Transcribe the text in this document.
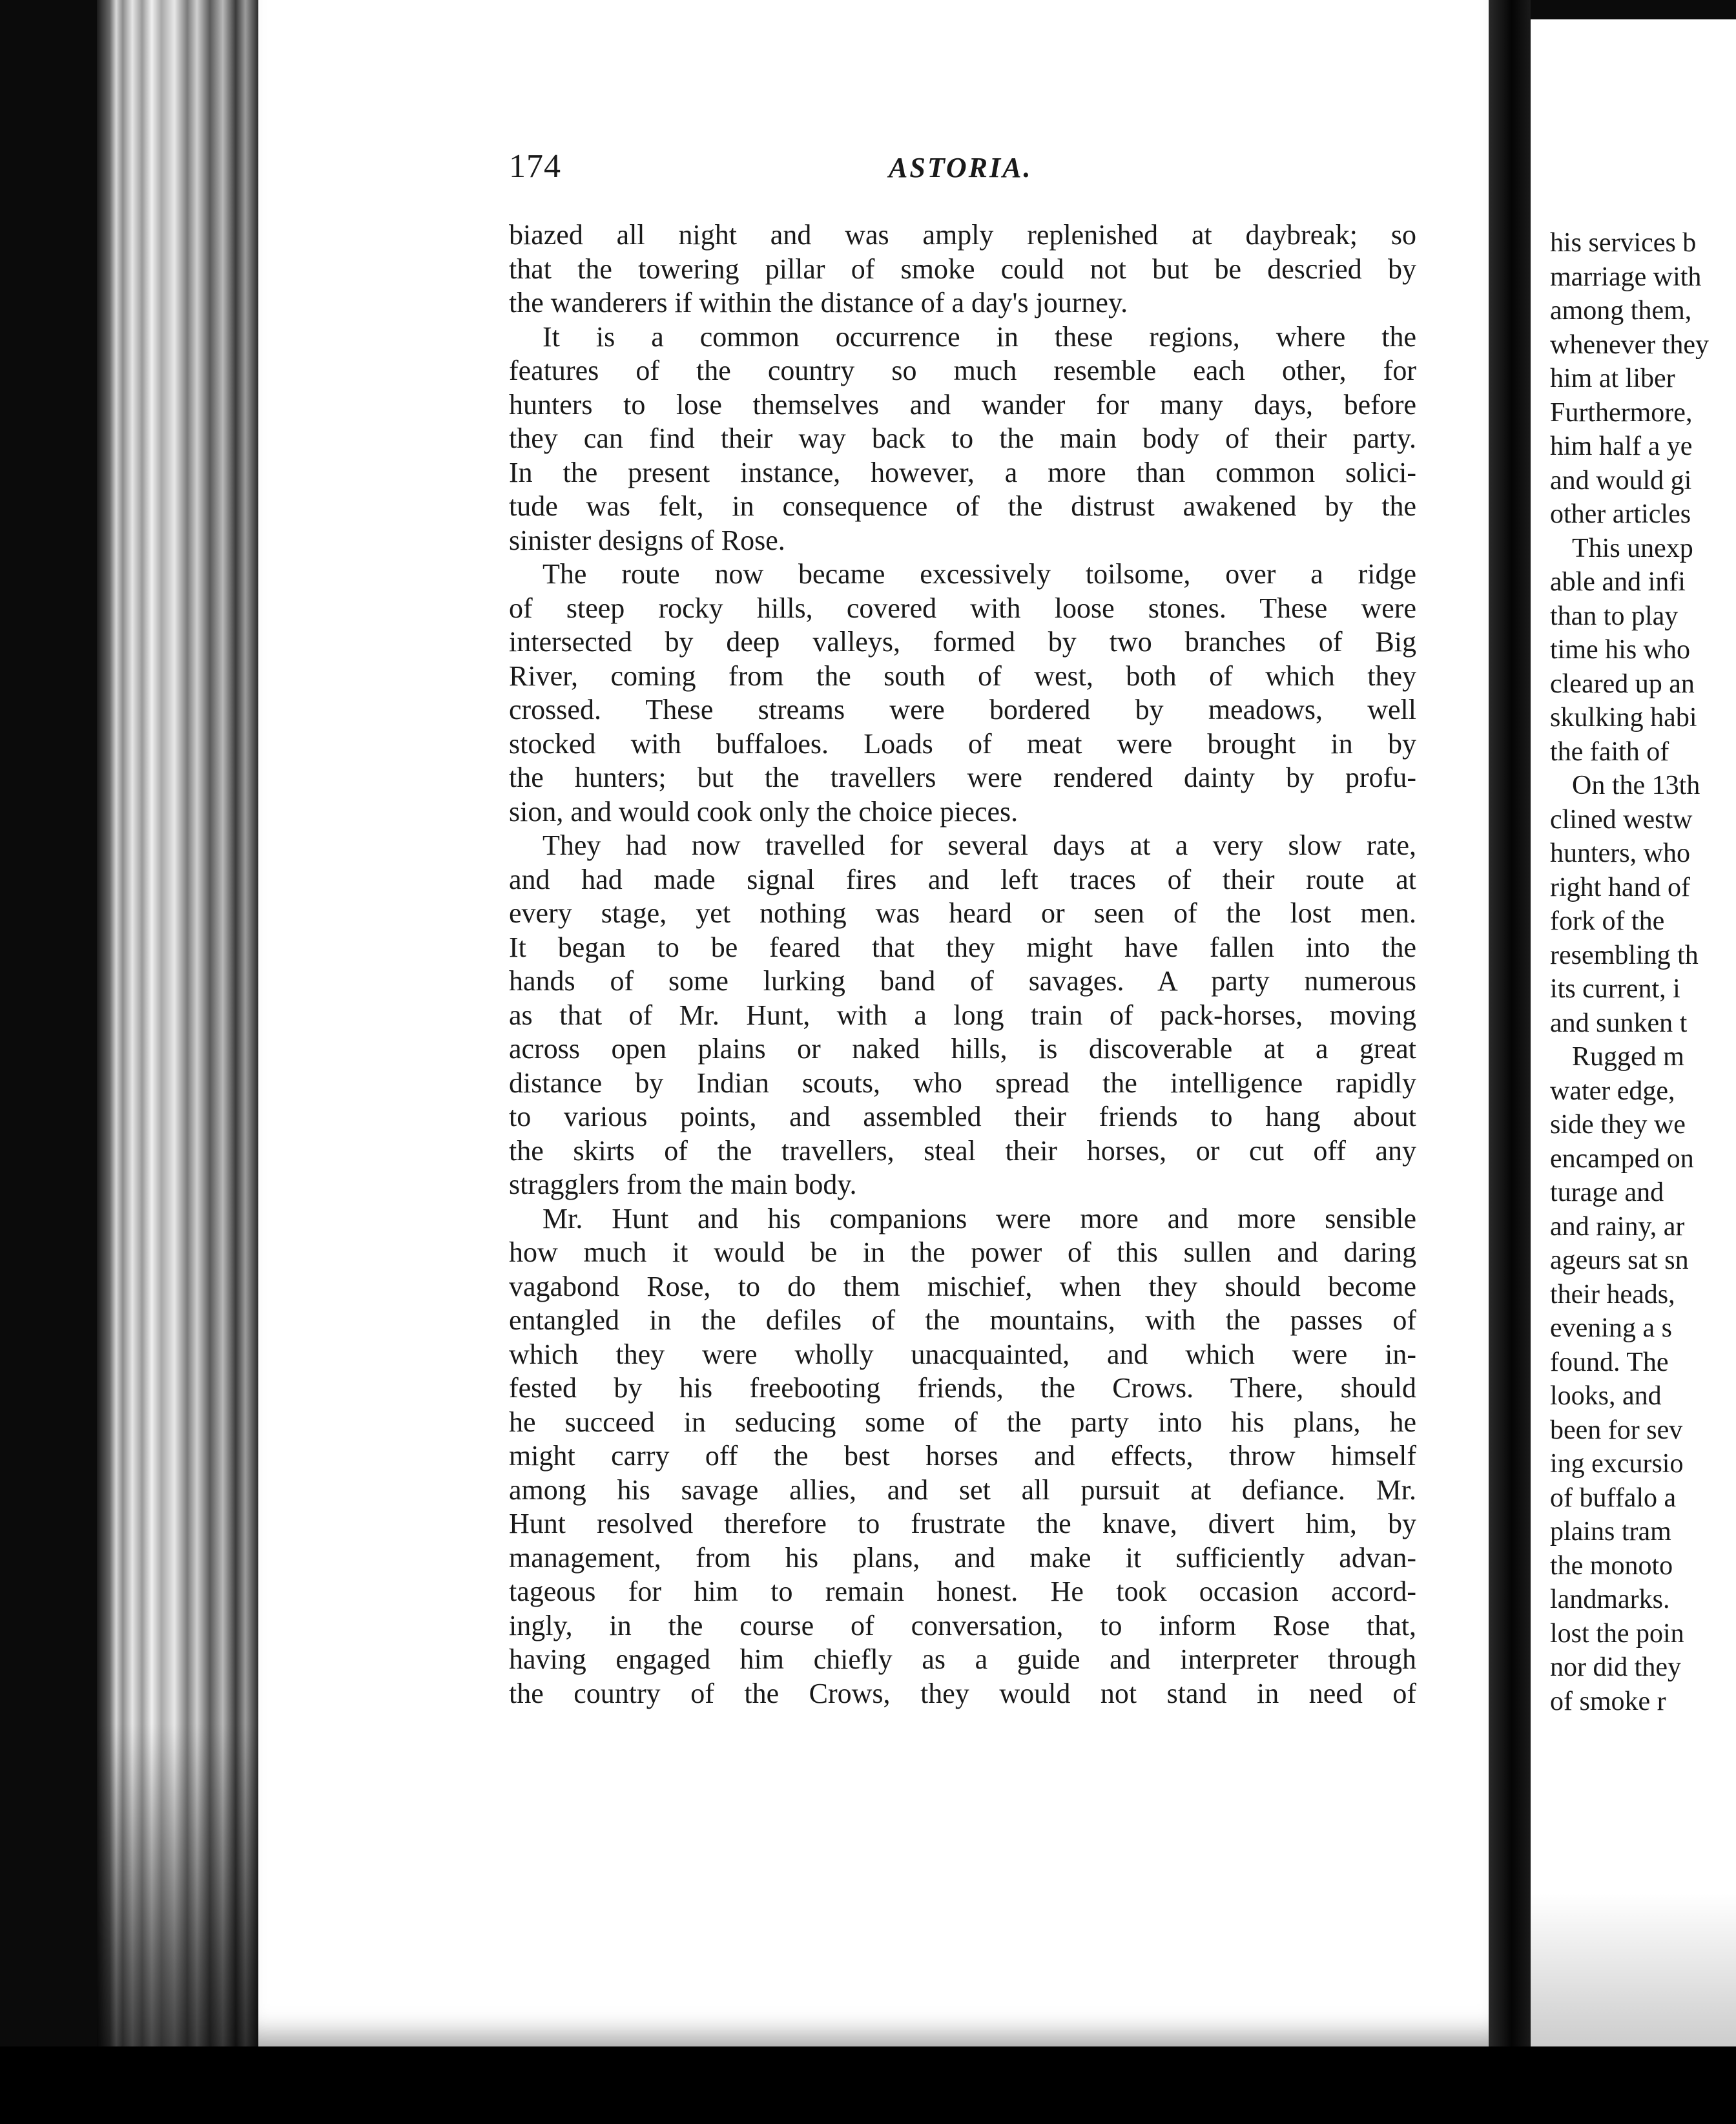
174	ASTORIA.
biazed all night and was amply replenished at daybreak; so
that the towering pillar of smoke could not but be descried by
the wanderers if within the distance of a day's journey.
It is a common occurrence in these regions, where the
features of the country so much resemble each other, for
hunters to lose themselves and wander for many days, before
they can find their way back to the main body of their party.
In the present instance, however, a more than common solici-
tude was felt, in consequence of the distrust awakened by the
sinister designs of Rose.
The route now became excessively toilsome, over a ridge
of steep rocky hills, covered with loose stones. These were
intersected by deep valleys, formed by two branches of Big
River, coming from the south of west, both of which they
crossed. These streams were bordered by meadows, well
stocked with buffaloes. Loads of meat were brought in by
the hunters; but the travellers were rendered dainty by profu-
sion, and would cook only the choice pieces.
They had now travelled for several days at a very slow rate,
and had made signal fires and left traces of their route at
every stage, yet nothing was heard or seen of the lost men.
It began to be feared that they might have fallen into the
hands of some lurking band of savages. A party numerous
as that of Mr. Hunt, with a long train of pack-horses, moving
across open plains or naked hills, is discoverable at a great
distance by Indian scouts, who spread the intelligence rapidly
to various points, and assembled their friends to hang about
the skirts of the travellers, steal their horses, or cut off any
stragglers from the main body.
Mr. Hunt and his companions were more and more sensible
how much it would be in the power of this sullen and daring
vagabond Rose, to do them mischief, when they should become
entangled in the defiles of the mountains, with the passes of
which they were wholly unacquainted, and which were in-
fested by his freebooting friends, the Crows. There, should
he succeed in seducing some of the party into his plans, he
might carry off the best horses and effects, throw himself
among his savage allies, and set all pursuit at defiance. Mr.
Hunt resolved therefore to frustrate the knave, divert him, by
management, from his plans, and make it sufficiently advan-
tageous for him to remain honest. He took occasion accord-
ingly, in the course of conversation, to inform Rose that,
having engaged him chiefly as a guide and interpreter through
the country of the Crows, they would not stand in need of
his services b
marriage with
among them,
whenever they
him at liber
Furthermore,
him half a ye
and would gi
other articles
This unexp
able and infi
than to play
time his who
cleared up an
skulking habi
the faith of
On the 13th
clined westw
hunters, who
right hand of
fork of the
resembling th
its current, i
and sunken t
Rugged m
water edge,
side they we
encamped on
turage and
and rainy, ar
ageurs sat sn
their heads,
evening a s
found. The
looks, and
been for sev
ing excursio
of buffalo a
plains tram
the monoto
landmarks.
lost the poin
nor did they
of smoke r
